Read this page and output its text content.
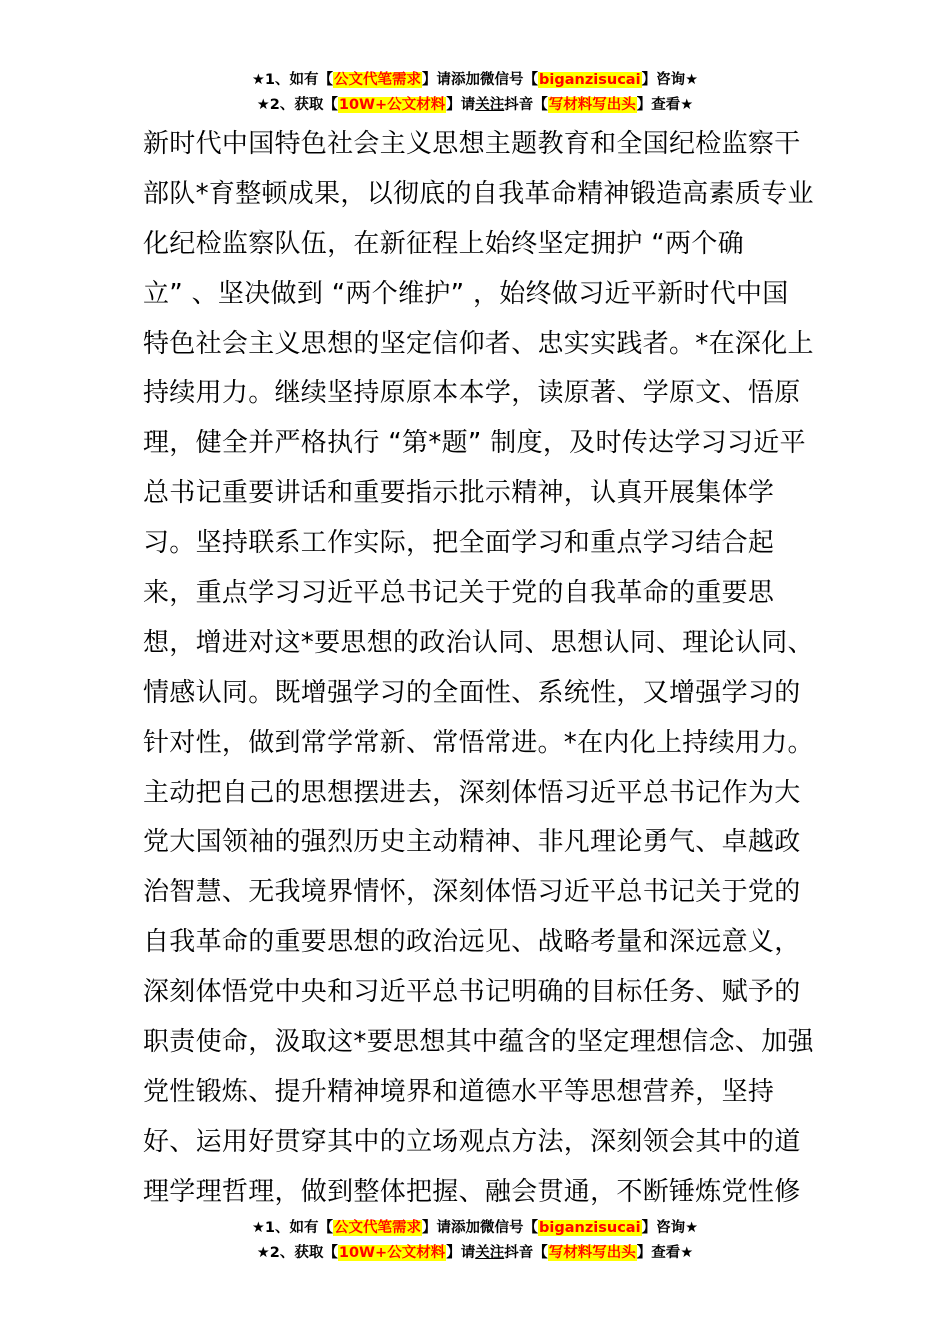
★1、如有【公文代笔需求】请添加微信号【biganzisucai】咨询★
★2、获取【10W+公文材料】请关注抖音【写材料写出头】查看★
新时代中国特色社会主义思想主题教育和全国纪检监察干
部队*育整顿成果，以彻底的自我革命精神锻造高素质专业
化纪检监察队伍，在新征程上始终坚定拥护 “两个确
立” 、坚决做到 “两个维护” ，始终做习近平新时代中国
特色社会主义思想的坚定信仰者、忠实实践者。*在深化上
持续用力。继续坚持原原本本学，读原著、学原文、悟原
理，健全并严格执行 “第*题” 制度，及时传达学习习近平
总书记重要讲话和重要指示批示精神，认真开展集体学
习。坚持联系工作实际，把全面学习和重点学习结合起
来，重点学习习近平总书记关于党的自我革命的重要思
想，增进对这*要思想的政治认同、思想认同、理论认同、
情感认同。既增强学习的全面性、系统性，又增强学习的
针对性，做到常学常新、常悟常进。*在内化上持续用力。
主动把自己的思想摆进去，深刻体悟习近平总书记作为大
党大国领袖的强烈历史主动精神、非凡理论勇气、卓越政
治智慧、无我境界情怀，深刻体悟习近平总书记关于党的
自我革命的重要思想的政治远见、战略考量和深远意义，
深刻体悟党中央和习近平总书记明确的目标任务、赋予的
职责使命，汲取这*要思想其中蕴含的坚定理想信念、加强
党性锻炼、提升精神境界和道德水平等思想营养，坚持
好、运用好贯穿其中的立场观点方法，深刻领会其中的道
理学理哲理，做到整体把握、融会贯通，不断锤炼党性修
★1、如有【公文代笔需求】请添加微信号【biganzisucai】咨询★
★2、获取【10W+公文材料】请关注抖音【写材料写出头】查看★
